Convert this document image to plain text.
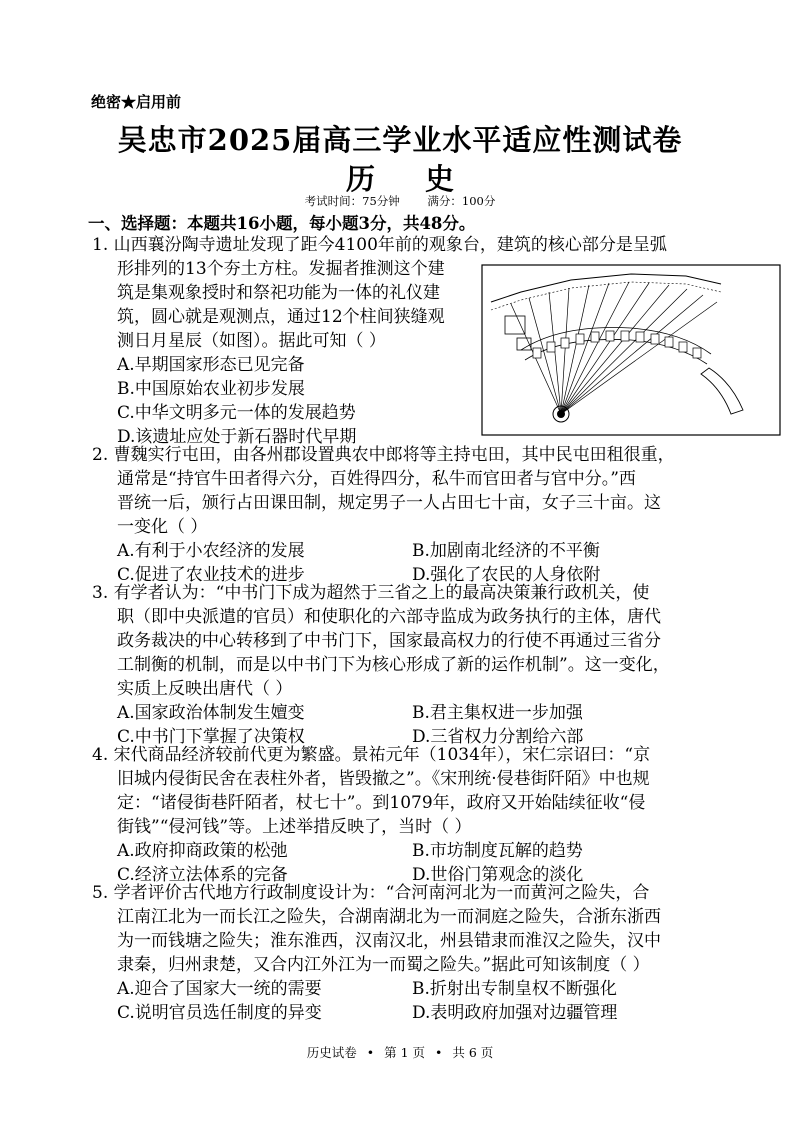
绝密★启用前
吴忠市2025届高三学业水平适应性测试卷
历 史
考试时间：75分钟 满分：100分
一、选择题：本题共16小题，每小题3分，共48分。
1. 山西襄汾陶寺遗址发现了距今4100年前的观象台，建筑的核心部分是呈弧
形排列的13个夯土方柱。发掘者推测这个建
筑是集观象授时和祭祀功能为一体的礼仪建
筑，圆心就是观测点，通过12个柱间狭缝观
测日月星辰（如图）。据此可知（ ）
A.早期国家形态已见完备
B.中国原始农业初步发展
C.中华文明多元一体的发展趋势
D.该遗址应处于新石器时代早期
2. 曹魏实行屯田，由各州郡设置典农中郎将等主持屯田，其中民屯田租很重，
通常是“持官牛田者得六分，百姓得四分，私牛而官田者与官中分。”西
晋统一后，颁行占田课田制，规定男子一人占田七十亩，女子三十亩。这
一变化（ ）
A.有利于小农经济的发展	B.加剧南北经济的不平衡
C.促进了农业技术的进步	D.强化了农民的人身依附
3. 有学者认为：“中书门下成为超然于三省之上的最高决策兼行政机关，使
职（即中央派遣的官员）和使职化的六部寺监成为政务执行的主体，唐代
政务裁决的中心转移到了中书门下，国家最高权力的行使不再通过三省分
工制衡的机制，而是以中书门下为核心形成了新的运作机制”。这一变化，
实质上反映出唐代（ ）
A.国家政治体制发生嬗变	B.君主集权进一步加强
C.中书门下掌握了决策权	D.三省权力分割给六部
4. 宋代商品经济较前代更为繁盛。景祐元年（1034年），宋仁宗诏曰：“京
旧城内侵街民舍在表柱外者，皆毁撤之”。《宋刑统·侵巷街阡陌》中也规
定：“诸侵街巷阡陌者，杖七十”。到1079年，政府又开始陆续征收“侵
街钱”“侵河钱”等。上述举措反映了，当时（ ）
A.政府抑商政策的松弛	B.市坊制度瓦解的趋势
C.经济立法体系的完备	D.世俗门第观念的淡化
5. 学者评价古代地方行政制度设计为：“合河南河北为一而黄河之险失，合
江南江北为一而长江之险失，合湖南湖北为一而洞庭之险失，合浙东浙西
为一而钱塘之险失；淮东淮西，汉南汉北，州县错隶而淮汉之险失，汉中
隶秦，归州隶楚，又合内江外江为一而蜀之险失。”据此可知该制度（ ）
A.迎合了国家大一统的需要	B.折射出专制皇权不断强化
C.说明官员选任制度的异变	D.表明政府加强对边疆管理
历史试卷 • 第 1 页 • 共 6 页
